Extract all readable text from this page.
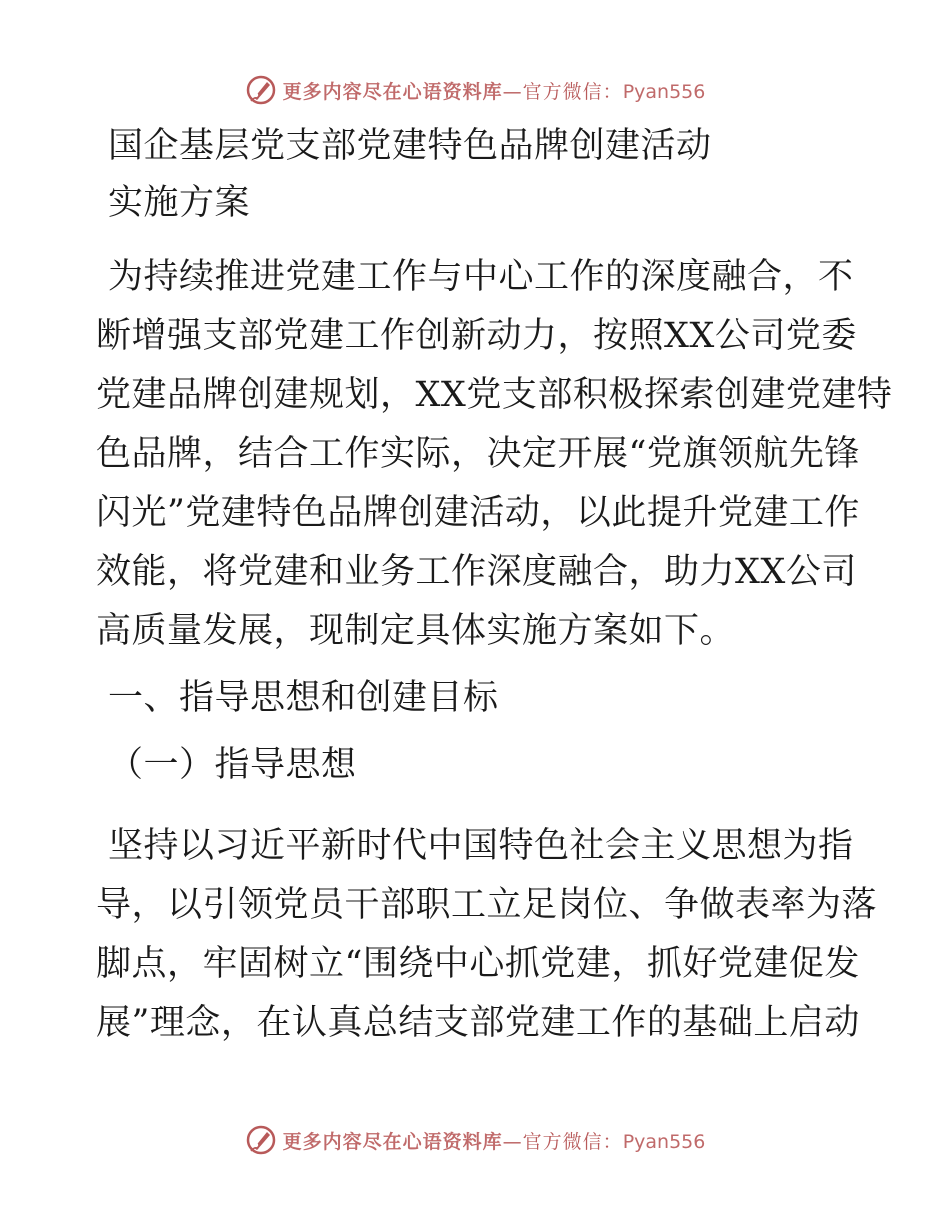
更多内容尽在心语资料库—官方微信：Pyan556
国企基层党支部党建特色品牌创建活动
实施方案
为持续推进党建工作与中心工作的深度融合，不
断增强支部党建工作创新动力，按照XX公司党委
党建品牌创建规划，XX党支部积极探索创建党建特
色品牌，结合工作实际，决定开展“党旗领航先锋
闪光”党建特色品牌创建活动，以此提升党建工作
效能，将党建和业务工作深度融合，助力XX公司
高质量发展，现制定具体实施方案如下。
一、指导思想和创建目标
（一）指导思想
坚持以习近平新时代中国特色社会主义思想为指
导，以引领党员干部职工立足岗位、争做表率为落
脚点，牢固树立“围绕中心抓党建，抓好党建促发
展”理念，在认真总结支部党建工作的基础上启动
更多内容尽在心语资料库—官方微信：Pyan556
